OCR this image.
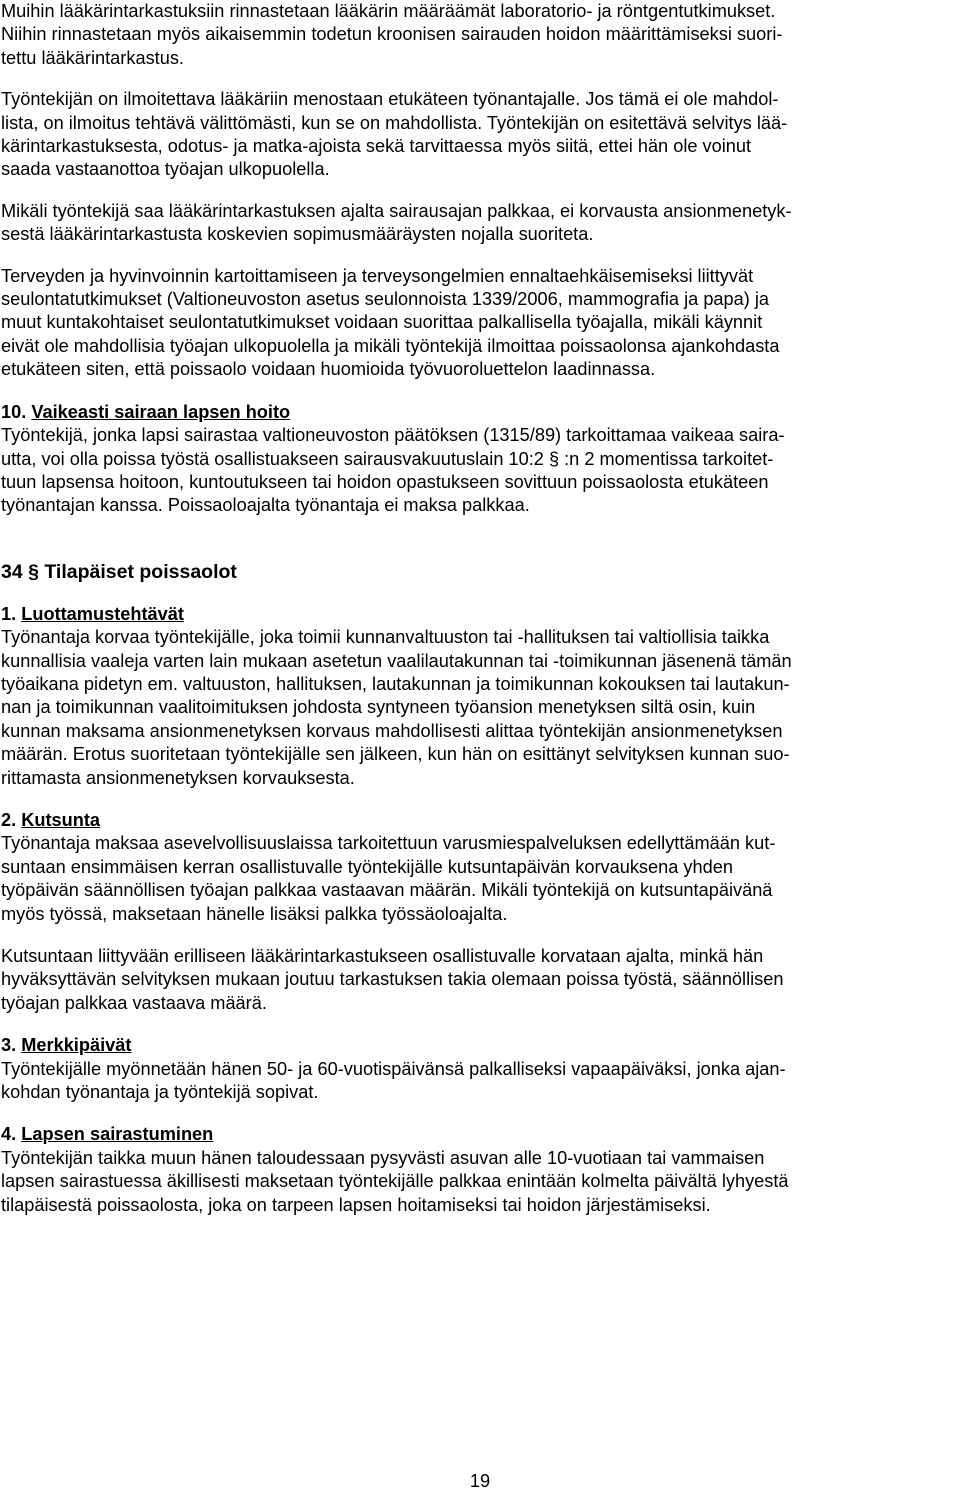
Muihin lääkärintarkastuksiin rinnastetaan lääkärin määräämät laboratorio- ja röntgentutkimukset.
Niihin rinnastetaan myös aikaisemmin todetun kroonisen sairauden hoidon määrittämiseksi suori-
tettu lääkärintarkastus.

Työntekijän on ilmoitettava lääkäriin menostaan etukäteen työnantajalle. Jos tämä ei ole mahdol-
lista, on ilmoitus tehtävä välittömästi, kun se on mahdollista. Työntekijän on esitettävä selvitys lää-
kärintarkastuksesta, odotus- ja matka-ajoista sekä tarvittaessa myös siitä, ettei hän ole voinut
saada vastaanottoa työajan ulkopuolella.

Mikäli työntekijä saa lääkärintarkastuksen ajalta sairausajan palkkaa, ei korvausta ansionmenetyk-
sestä lääkärintarkastusta koskevien sopimusmääräysten nojalla suoriteta.

Terveyden ja hyvinvoinnin kartoittamiseen ja terveysongelmien ennaltaehkäisemiseksi liittyvät
seulontatutkimukset (Valtioneuvoston asetus seulonnoista 1339/2006, mammografia ja papa) ja
muut kuntakohtaiset seulontatutkimukset voidaan suorittaa palkallisella työajalla, mikäli käynnit
eivät ole mahdollisia työajan ulkopuolella ja mikäli työntekijä ilmoittaa poissaolonsa ajankohdasta
etukäteen siten, että poissaolo voidaan huomioida työvuoroluettelon laadinnassa.

10. Vaikeasti sairaan lapsen hoito

Työntekijä, jonka lapsi sairastaa valtioneuvoston päätöksen (1315/89) tarkoittamaa vaikeaa saira-
utta, voi olla poissa työstä osallistuakseen sairausvakuutuslain 10:2 § :n 2 momentissa tarkoitet-
tuun lapsensa hoitoon, kuntoutukseen tai hoidon opastukseen sovittuun poissaolosta etukäteen
työnantajan kanssa. Poissaoloajalta työnantaja ei maksa palkkaa.

34 § Tilapäiset poissaolot

1. Luottamustehtävät

Työnantaja korvaa työntekijälle, joka toimii kunnanvaltuuston tai -hallituksen tai valtiollisia taikka
kunnallisia vaaleja varten lain mukaan asetetun vaalilautakunnan tai -toimikunnan jäsenenä tämän
työaikana pidetyn em. valtuuston, hallituksen, lautakunnan ja toimikunnan kokouksen tai lautakun-
nan ja toimikunnan vaalitoimituksen johdosta syntyneen työansion menetyksen siltä osin, kuin
kunnan maksama ansionmenetyksen korvaus mahdollisesti alittaa työntekijän ansionmenetyksen
määrän. Erotus suoritetaan työntekijälle sen jälkeen, kun hän on esittänyt selvityksen kunnan suo-
rittamasta ansionmenetyksen korvauksesta.

2. Kutsunta

Työnantaja maksaa asevelvollisuuslaissa tarkoitettuun varusmiespalveluksen edellyttämään kut-
suntaan ensimmäisen kerran osallistuvalle työntekijälle kutsuntapäivän korvauksena yhden
työpäivän säännöllisen työajan palkkaa vastaavan määrän. Mikäli työntekijä on kutsuntapäivänä
myös työssä, maksetaan hänelle lisäksi palkka työssäoloajalta.

Kutsuntaan liittyvään erilliseen lääkärintarkastukseen osallistuvalle korvataan ajalta, minkä hän
hyväksyttävän selvityksen mukaan joutuu tarkastuksen takia olemaan poissa työstä, säännöllisen
työajan palkkaa vastaava määrä.

3. Merkkipäivät

Työntekijälle myönnetään hänen 50- ja 60-vuotispäivänsä palkalliseksi vapaapäiväksi, jonka ajan-
kohdan työnantaja ja työntekijä sopivat.

4. Lapsen sairastuminen

Työntekijän taikka muun hänen taloudessaan pysyvästi asuvan alle 10-vuotiaan tai vammaisen
lapsen sairastuessa äkillisesti maksetaan työntekijälle palkkaa enintään kolmelta päivältä lyhyestä
tilapäisestä poissaolosta, joka on tarpeen lapsen hoitamiseksi tai hoidon järjestämiseksi.

19
